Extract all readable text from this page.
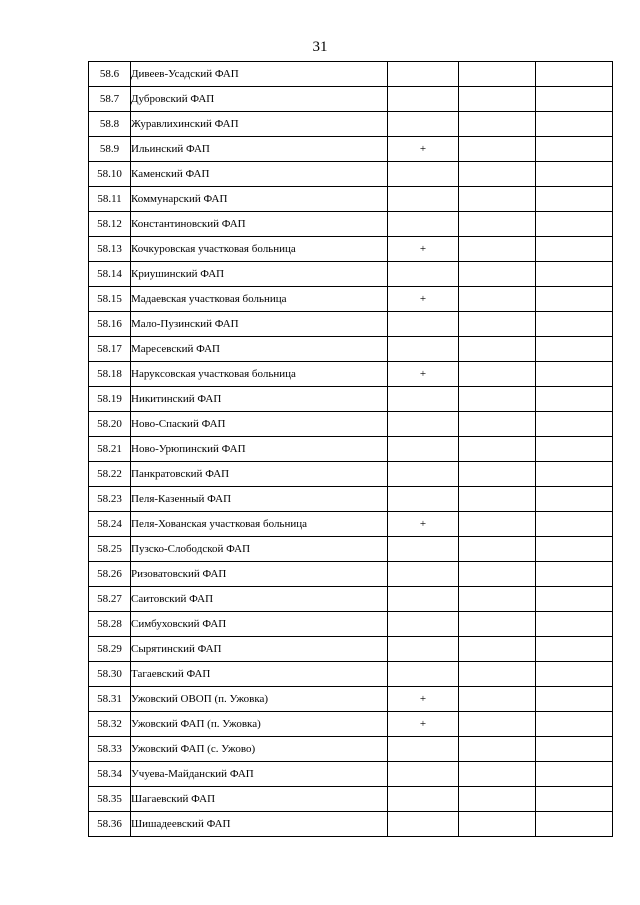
31
58.6	Дивеев-Усадский ФАП			
58.7	Дубровский ФАП			
58.8	Журавлихинский ФАП			
58.9	Ильинский ФАП	+		
58.10	Каменский ФАП			
58.11	Коммунарский ФАП			
58.12	Константиновский ФАП			
58.13	Кочкуровская участковая больница	+		
58.14	Криушинский ФАП			
58.15	Мадаевская участковая больница	+		
58.16	Мало-Пузинский ФАП			
58.17	Маресевский ФАП			
58.18	Нарукcовская участковая больница	+		
58.19	Никитинский ФАП			
58.20	Ново-Спаский ФАП			
58.21	Ново-Урюпинский ФАП			
58.22	Панкратовский ФАП			
58.23	Пеля-Казенный ФАП			
58.24	Пеля-Хованская участковая больница	+		
58.25	Пузско-Слободской ФАП			
58.26	Ризоватовский ФАП			
58.27	Саитовский ФАП			
58.28	Симбуховский ФАП			
58.29	Сырятинский ФАП			
58.30	Тагаевский ФАП			
58.31	Ужовский ОВОП (п. Ужовка)	+		
58.32	Ужовский ФАП (п. Ужовка)	+		
58.33	Ужовский ФАП (с. Ужово)			
58.34	Учуева-Майданский ФАП			
58.35	Шагаевский ФАП			
58.36	Шишадеевский ФАП			
